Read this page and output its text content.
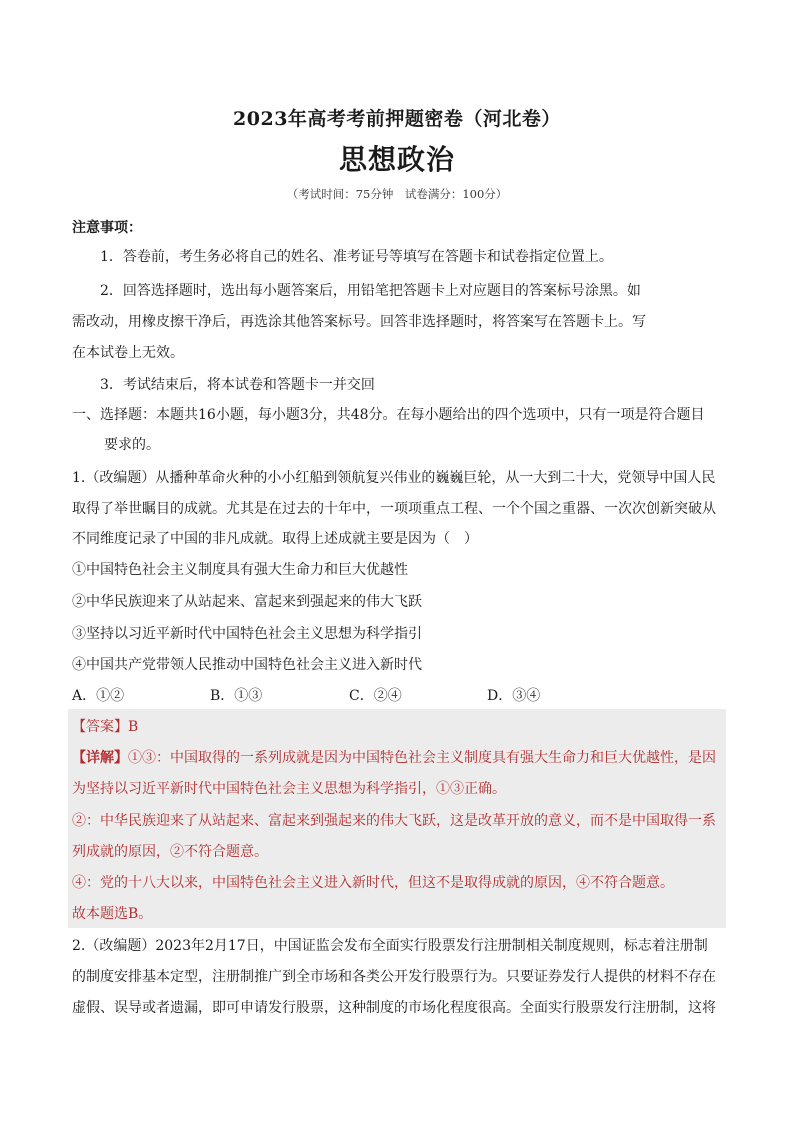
2023年高考考前押题密卷（河北卷）
思想政治
（考试时间：75分钟　试卷满分：100分）
注意事项：
1．答卷前，考生务必将自己的姓名、准考证号等填写在答题卡和试卷指定位置上。
2．回答选择题时，选出每小题答案后，用铅笔把答题卡上对应题目的答案标号涂黑。如
需改动，用橡皮擦干净后，再选涂其他答案标号。回答非选择题时，将答案写在答题卡上。写
在本试卷上无效。
3．考试结束后，将本试卷和答题卡一并交回
一、选择题：本题共16小题，每小题3分，共48分。在每小题给出的四个选项中，只有一项是符合题目
要求的。
1.（改编题）从播种革命火种的小小红船到领航复兴伟业的巍巍巨轮，从一大到二十大，党领导中国人民
取得了举世瞩目的成就。尤其是在过去的十年中，一项项重点工程、一个个国之重器、一次次创新突破从
不同维度记录了中国的非凡成就。取得上述成就主要是因为（　）
①中国特色社会主义制度具有强大生命力和巨大优越性
②中华民族迎来了从站起来、富起来到强起来的伟大飞跃
③坚持以习近平新时代中国特色社会主义思想为科学指引
④中国共产党带领人民推动中国特色社会主义进入新时代
A．①②	B．①③	C．②④	D．③④
【答案】B
【详解】①③：中国取得的一系列成就是因为中国特色社会主义制度具有强大生命力和巨大优越性，是因
为坚持以习近平新时代中国特色社会主义思想为科学指引，①③正确。
②：中华民族迎来了从站起来、富起来到强起来的伟大飞跃，这是改革开放的意义，而不是中国取得一系
列成就的原因，②不符合题意。
④：党的十八大以来，中国特色社会主义进入新时代，但这不是取得成就的原因，④不符合题意。
故本题选B。
2.（改编题）2023年2月17日，中国证监会发布全面实行股票发行注册制相关制度规则，标志着注册制
的制度安排基本定型，注册制推广到全市场和各类公开发行股票行为。只要证券发行人提供的材料不存在
虚假、误导或者遗漏，即可申请发行股票，这种制度的市场化程度很高。全面实行股票发行注册制，这将
